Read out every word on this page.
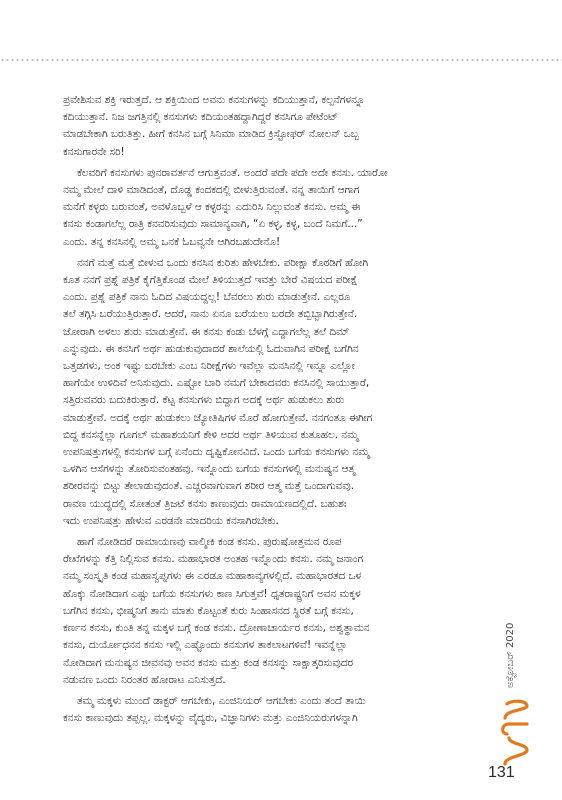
ಪ್ರವೇಶಿಸುವ ಶಕ್ತಿ ಇರುತ್ತದೆ. ಆ ಶಕ್ತಿಯಿಂದ ಅವನು ಕನಸುಗಳನ್ನು ಕದಿಯುತ್ತಾನೆ, ಕಲ್ಪನೆಗಳನ್ನೂ

ಕದಿಯುತ್ತಾನೆ. ನಿಜ ಜಗತ್ತಿನಲ್ಲಿ ಕನಸುಗಳು ಕದಿಯಂತಹದ್ದಾಗಿದ್ದರೆ ಕನಸಿಗೂ ಪೇಟೆಂಟ್

ಮಾಡಬೇಕಾಗಿ ಬರುತಿತ್ತು. ಹೀಗೆ ಕನಸಿನ ಬಗ್ಗೆ ಸಿನಿಮಾ ಮಾಡಿದ ಕ್ರಿಸ್ಟೋಫರ್ ನೋಲನ್ ಒಬ್ಬ

ಕನಸುಗಾರನೇ ಸರಿ!

ಕೆಲವರಿಗೆ ಕನಸುಗಳು ಪುನರಾವರ್ತನೆ ಆಗುತ್ತವಂತೆ. ಅಂದರೆ ಪದೇ ಪದೇ ಅದೇ ಕನಸು. ಯಾರೋ

ನಮ್ಮ ಮೇಲೆ ದಾಳಿ ಮಾಡಿದಂತೆ, ದೊಡ್ಡ ಕಂದಕದಲ್ಲಿ ಬೀಳುತ್ತಿರುವಂತೆ. ನನ್ನ ತಾಯಿಗೆ ಆಗಾಗ

ಮನೆಗೆ ಕಳ್ಳರು ಬರುವಂತೆ, ಅವಳೊಬ್ಬಳೆ ಆ ಕಳ್ಳರನ್ನು ಎದುರಿಸಿ ನಿಲ್ಲುವಂತೆ ಕನಸು. ಅಮ್ಮ ಈ

ಕನಸು ಕಂಡಾಗಲೆಲ್ಲ ರಾತ್ರಿ ಕನವರಿಸುವುದು ಸಾಮಾನ್ಯವಾಗಿ, “ಏ ಕಳ್ಳ, ಕಳ್ಳ, ಬಂದೆ ನಿಮಗೆ...”

ಎಂದು. ತನ್ನ ಕನಸಿನಲ್ಲಿ ಅಮ್ಮ ಒನಕೆ ಓಬವ್ವನೇ ಆಗಿರಬಹುದೇನೊ!

ನನಗೆ ಮತ್ತೆ ಮತ್ತೆ ಬೀಳುವ ಒಂದು ಕನಸಿನ ಕುರಿತು ಹೇಳಬೇಕು. ಪರೀಕ್ಷಾ ಕೊಠಡಿಗೆ ಹೋಗಿ

ಕೂತ ನನಗೆ ಪ್ರಶ್ನೆ ಪತ್ರಿಕೆ ಕೈಗೆತ್ತಿಕೊಂಡ ಮೇಲೆ ತಿಳಿಯುತ್ತದೆ ಇವತ್ತು ಬೇರೆ ವಿಷಯದ ಪರೀಕ್ಷೆ

ಎಂದು. ಪ್ರಶ್ನೆ ಪತ್ರಿಕೆ ನಾನು ಓದಿದ ವಿಷಯದ್ದಲ್ಲ! ಬೆವರಲು ಶುರು ಮಾಡುತ್ತೇನೆ. ಎಲ್ಲರೂ

ತಲೆ ತಗ್ಗಿಸಿ ಬರೆಯುತ್ತಿರುತ್ತಾರೆ. ಆದರೆ, ನಾನು ಏನೂ ಬರೆಯಲು ಬರದೇ ತಬ್ಬಿಬ್ಬಾಗಿರುತ್ತೇನೆ.

ಜೋರಾಗಿ ಅಳಲು ಶುರು ಮಾಡುತ್ತೇನೆ. ಈ ಕನಸು ಕಂಡು ಬೆಳಗ್ಗೆ ಎದ್ದಾಗಲೆಲ್ಲ ತಲೆ ದಿಮ್

ಎನ್ನುವುದು. ಈ ಕನಸಿಗೆ ಅರ್ಥ ಹುಡುಕುವುದಾದರೆ ಶಾಲೆಯಲ್ಲಿ ಓದುವಾಗಿನ ಪರೀಕ್ಷೆ ಬಗೆಗಿನ

ಒತ್ತಡಗಳು, ಅಂಕ ಇಷ್ಟು ಬರಬೇಕು ಎಂಬ ನಿರೀಕ್ಷೆಗಳು ಇವೆಲ್ಲಾ ಮನಸಿನಲ್ಲಿ ಇನ್ನೂ ಎಲ್ಲೋ

ಹಾಗೆಯೇ ಉಳಿದಿವೆ ಅನಿಸುವುದು. ಎಷ್ಟೋ ಬಾರಿ ನಮಗೆ ಬೇಕಾದವರು ಕನಸಿನಲ್ಲಿ ಸಾಯುತ್ತಾರೆ,

ಸತ್ತಿರುವವರು ಬದುಕಿರುತ್ತಾರೆ. ಕೆಟ್ಟ ಕನಸುಗಳು ಬಿದ್ದಾಗ ಅದಕ್ಕೆ ಅರ್ಥ ಹುಡುಕಲು ಶುರು

ಮಾಡುತ್ತೇವೆ. ಅದಕ್ಕೆ ಅರ್ಥ ಹುಡುಕಲು ಜ್ಯೋತಿಷಿಗಳ ಮೊರೆ ಹೋಗುತ್ತೇವೆ. ನನಗಂತೂ ಈಗೀಗ

ಬಿದ್ದ ಕನಸನ್ನೆಲ್ಲಾ ಗೂಗಲ್ ಮಹಾಶಯನಿಗೆ ಕೇಳಿ ಅದರ ಅರ್ಥ ತಿಳಿಯುವ ಕುತೂಹಲ. ನಮ್ಮ

ಉಪನಿಷತ್ತುಗಳಲ್ಲಿ ಕನಸುಗಳ ಬಗ್ಗೆ ಏನೆಂದು ದೃಷ್ಟಿಕೋನವಿದೆ. ಒಂದು ಬಗೆಯ ಕನಸುಗಳು ನಮ್ಮ

ಒಳಗಿನ ಆಸೆಗಳನ್ನು ತೋರಿಸುವಂತಹವು. ಇನ್ನೊಂದು ಬಗೆಯ ಕನಸುಗಳಲ್ಲಿ ಮನುಷ್ಯನ ಆತ್ಮ

ಶರೀರವನ್ನು ಬಿಟ್ಟು ತೇಲಾಡುವುದಂತೆ. ಎಚ್ಚರವಾಗುವಾಗ ಶರೀರ ಆತ್ಮ ಮತ್ತೆ ಒಂದಾಗುವವು.

ರಾವಣ ಯುದ್ಧದಲ್ಲಿ ಸೋತಂತೆ ತ್ರಿಜಟೆ ಕನಸು ಕಾಣುವುದು ರಾಮಾಯಣದಲ್ಲಿದೆ. ಬಹುಶಃ

ಇದು ಉಪನಿಷತ್ತು ಹೇಳುವ ಎರಡನೇ ಮಾದರಿಯ ಕನಸಾಗಿರಬೇಕು.

ಹಾಗೆ ನೋಡಿದರೆ ರಾಮಾಯಣವು ವಾಲ್ಮೀಕಿ ಕಂಡ ಕನಸು. ಪುರುಷೋತ್ತಮನ ರೂಪ

ರೇಖೆಗಳನ್ನು ಕೆತ್ತಿ ನಿಲ್ಲಿಸುವ ಕನಸು. ಮಹಾಭಾರತ ಅಂತಹ ಇನ್ನೊಂದು ಕನಸು. ನಮ್ಮ ಜನಾಂಗ

ನಮ್ಮ ಸಂಸ್ಕೃತಿ ಕಂಡ ಮಹಾಸ್ವಪ್ನಗಳು ಈ ಎರಡೂ ಮಹಾಕಾವ್ಯಗಳಲ್ಲಿದೆ. ಮಹಾಭಾರತದ ಒಳ

ಹೊಕ್ಕು ನೋಡಿದಾಗ ಎಷ್ಟು ಬಗೆಯ ಕನಸುಗಳು ಕಾಣ ಸಿಗುತ್ತವೆ! ಧೃತರಾಷ್ಟ್ರನಿಗೆ ಅವನ ಮಕ್ಕಳ

ಬಗೆಗಿನ ಕನಸು, ಭೀಷ್ಮನಿಗೆ ತಾನು ಮಾತು ಕೊಟ್ಟಂತೆ ಕುರು ಸಿಂಹಾಸನದ ಸ್ಥಿರತೆ ಬಗ್ಗೆ ಕನಸು,

ಕರ್ಣನ ಕನಸು, ಕುಂತಿ ತನ್ನ ಮಕ್ಕಳ ಬಗ್ಗೆ ಕಂಡ ಕನಸು. ದ್ರೋಣಾಚಾರ್ಯರ ಕನಸು, ಅಶ್ವತ್ಥಾಮನ

ಕನಸು, ದುರ್ಯೋಧನನ ಕನಸು ಇಲ್ಲಿ ಎಷ್ಟೊಂದು ಕನಸುಗಳ ತಾಕಲಾಟಗಳಿವೆ! ಇವನ್ನೆಲ್ಲಾ

ನೋಡಿದಾಗ ಮನುಷ್ಯನ ಜೀವನವು ಅವನ ಕನಸು ಮತ್ತು ಕಂಡ ಕನಸನ್ನು ಸಾಕ್ಷಾತ್ಕರಿಸುವುದರ

ನಡುವಣ ಒಂದು ನಿರಂತರ ಹೋರಾಟ ಎನಿಸುತ್ತದೆ.

ತಮ್ಮ ಮಕ್ಕಳು ಮುಂದೆ ಡಾಕ್ಟರ್ ಆಗಬೇಕು, ಎಂಜಿನಿಯರ್ ಆಗಬೇಕು ಎಂದು ತಂದೆ ತಾಯಿ

ಕನಸು ಕಾಣುವುದು ತಪ್ಪಲ್ಲ. ಮಕ್ಕಳನ್ನು ವೈದ್ಯರು, ವಿಜ್ಞಾನಿಗಳು ಮತ್ತು ಎಂಜಿನಿಯರುಗಳನ್ನಾಗಿ

ಅಕ್ಟೋಬರ್ 2020
131
